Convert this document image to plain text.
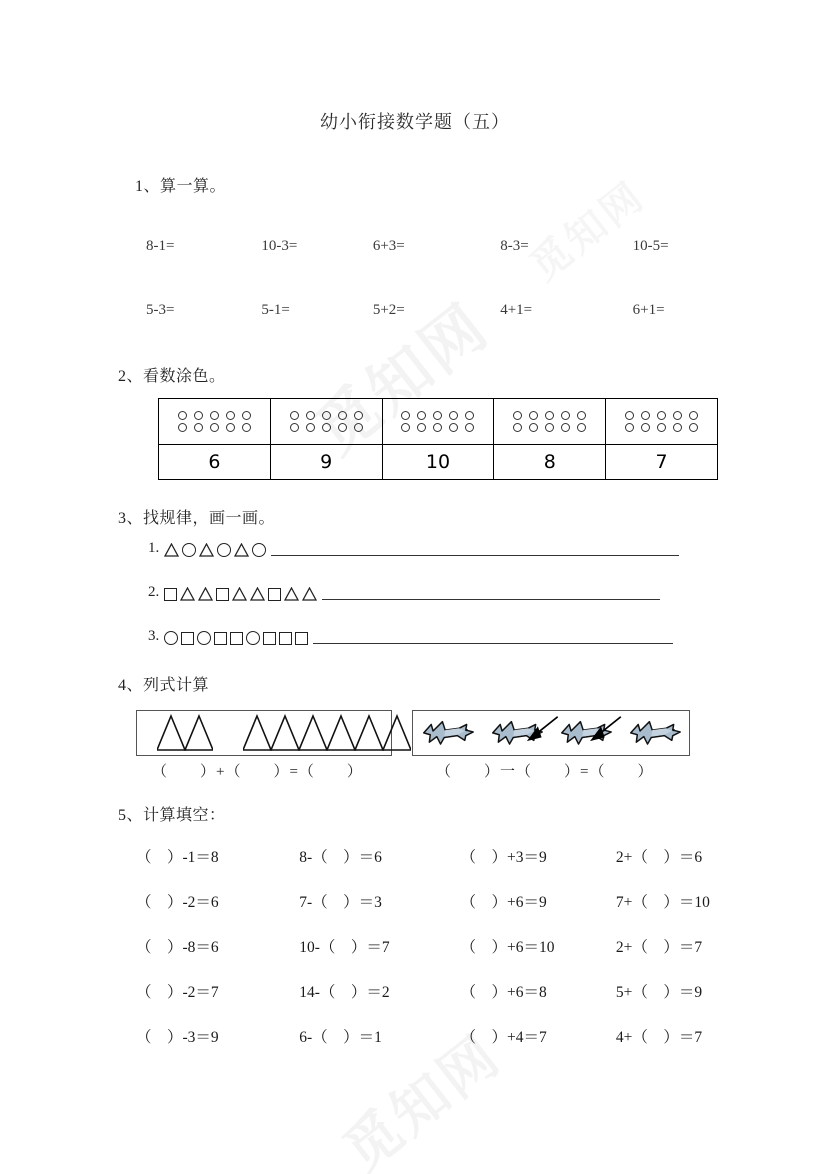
幼小衔接数学题（五）
1、算一算。
8-1=	10-3=	6+3=	8-3=	10-5=
5-3=	5-1=	5+2=	4+1=	6+1=
2、看数涂色。

6	9	10	8	7
3、找规律，画一画。
1.
2.
3.
4、列式计算
（　　）+（　　）=（　　）	（　　）一（　　）=（　　）
5、计算填空：
（　）-1＝8	8-（　）＝6	（　）+3＝9	2+（　）＝6
（　）-2＝6	7-（　）＝3	（　）+6＝9	7+（　）＝10
（　）-8＝6	10-（　）＝7	（　）+6＝10	2+（　）＝7
（　）-2＝7	14-（　）＝2	（　）+6＝8	5+（　）＝9
（　）-3＝9	6-（　）＝1	（　）+4＝7	4+（　）＝7
